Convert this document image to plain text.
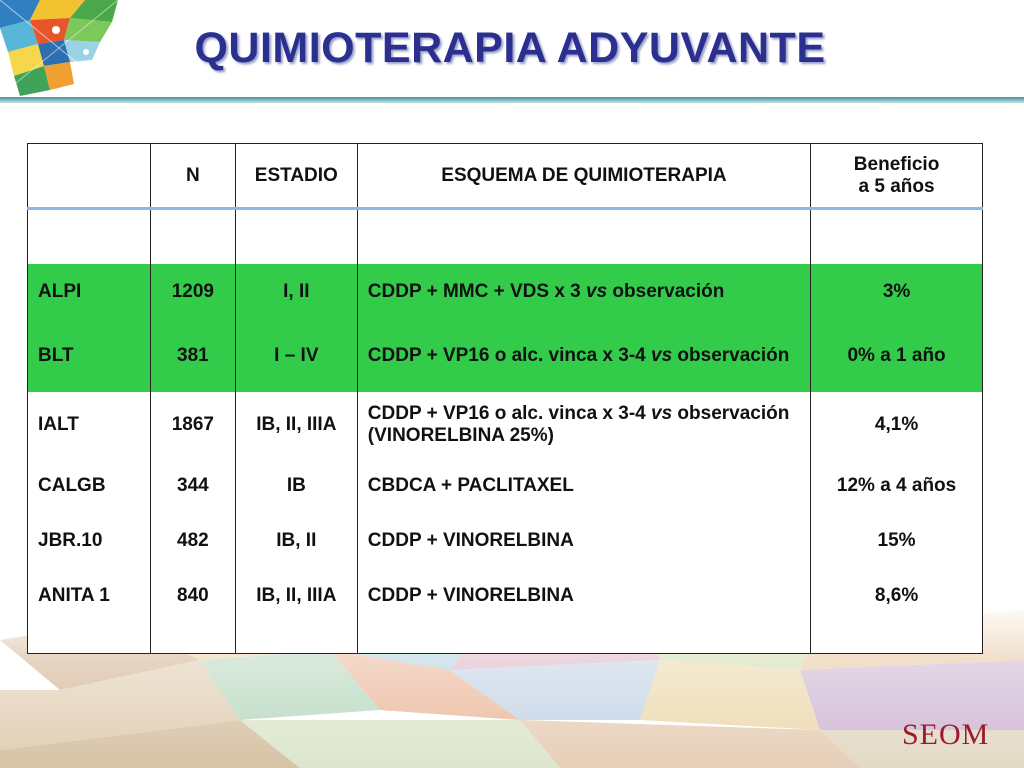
QUIMIOTERAPIA ADYUVANTE
SEOM
	N	ESTADIO	ESQUEMA DE QUIMIOTERAPIA	Beneficio
a 5 años

ALPI	1209	I, II	CDDP + MMC + VDS x 3 vs observación	3%
BLT	381	I – IV	CDDP + VP16 o alc. vinca x 3-4 vs observación	0% a 1 año
IALT	1867	IB, II, IIIA	CDDP + VP16 o alc. vinca x 3-4 vs observación (VINORELBINA 25%)	4,1%
CALGB	344	IB	CBDCA + PACLITAXEL	12% a 4 años
JBR.10	482	IB, II	CDDP + VINORELBINA	15%
ANITA 1	840	IB, II, IIIA	CDDP + VINORELBINA	8,6%
